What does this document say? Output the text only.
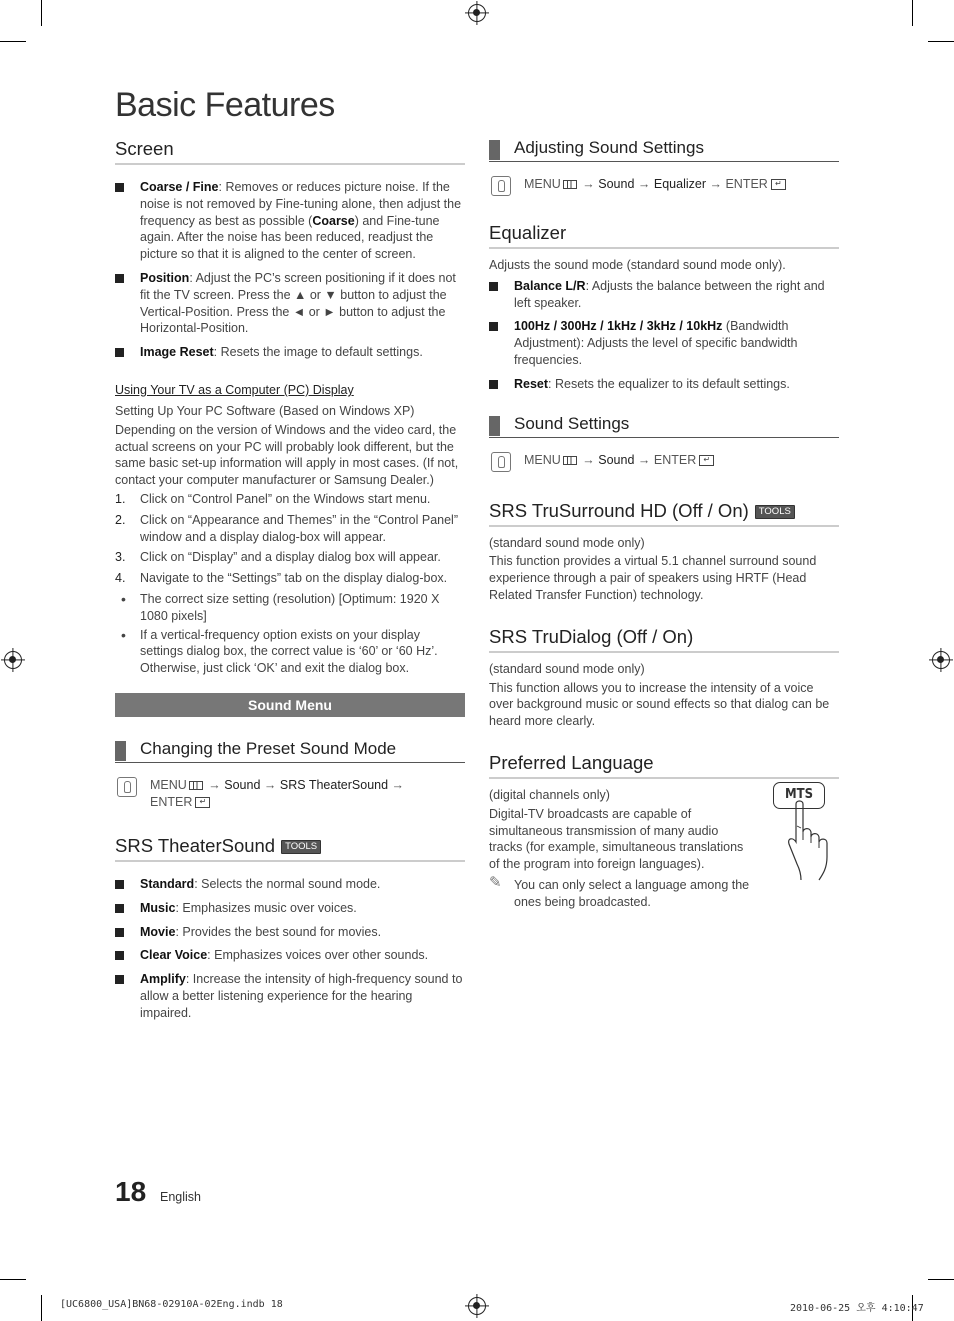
Basic Features
Screen
Coarse / Fine: Removes or reduces picture noise. If the noise is not removed by Fine-tuning alone, then adjust the frequency as best as possible (Coarse) and Fine-tune again. After the noise has been reduced, readjust the picture so that it is aligned to the center of screen.
Position: Adjust the PC’s screen positioning if it does not fit the TV screen. Press the ▲ or ▼ button to adjust the Vertical-Position. Press the ◄ or ► button to adjust the Horizontal-Position.
Image Reset: Resets the image to default settings.
Using Your TV as a Computer (PC) Display
Setting Up Your PC Software (Based on Windows XP)
Depending on the version of Windows and the video card, the actual screens on your PC will probably look different, but the same basic set-up information will apply in most cases. (If not, contact your computer manufacturer or Samsung Dealer.)
1. Click on “Control Panel” on the Windows start menu.
2. Click on “Appearance and Themes” in the “Control Panel” window and a display dialog-box will appear.
3. Click on “Display” and a display dialog box will appear.
4. Navigate to the “Settings” tab on the display dialog-box.
• The correct size setting (resolution) [Optimum: 1920 X 1080 pixels]
• If a vertical-frequency option exists on your display settings dialog box, the correct value is ‘60’ or ‘60 Hz’. Otherwise, just click ‘OK’ and exit the dialog box.
Sound Menu
Changing the Preset Sound Mode
MENU → Sound → SRS TheaterSound →
ENTER ↵
SRS TheaterSound TOOLS
Standard: Selects the normal sound mode.
Music: Emphasizes music over voices.
Movie: Provides the best sound for movies.
Clear Voice: Emphasizes voices over other sounds.
Amplify: Increase the intensity of high-frequency sound to allow a better listening experience for the hearing impaired.
Adjusting Sound Settings
MENU → Sound → Equalizer → ENTER ↵
Equalizer
Adjusts the sound mode (standard sound mode only).
Balance L/R: Adjusts the balance between the right and left speaker.
100Hz / 300Hz / 1kHz / 3kHz / 10kHz (Bandwidth Adjustment): Adjusts the level of specific bandwidth frequencies.
Reset: Resets the equalizer to its default settings.
Sound Settings
MENU → Sound → ENTER ↵
SRS TruSurround HD (Off / On) TOOLS
(standard sound mode only)
This function provides a virtual 5.1 channel surround sound experience through a pair of speakers using HRTF (Head Related Transfer Function) technology.
SRS TruDialog (Off / On)
(standard sound mode only)
This function allows you to increase the intensity of a voice over background music or sound effects so that dialog can be heard more clearly.
Preferred Language
(digital channels only)
Digital-TV broadcasts are capable of simultaneous transmission of many audio tracks (for example, simultaneous translations of the program into foreign languages).
✎ You can only select a language among the ones being broadcasted.
MTS
18 English
[UC6800_USA]BN68-02910A-02Eng.indb 18	2010-06-25 오후 4:10:47
